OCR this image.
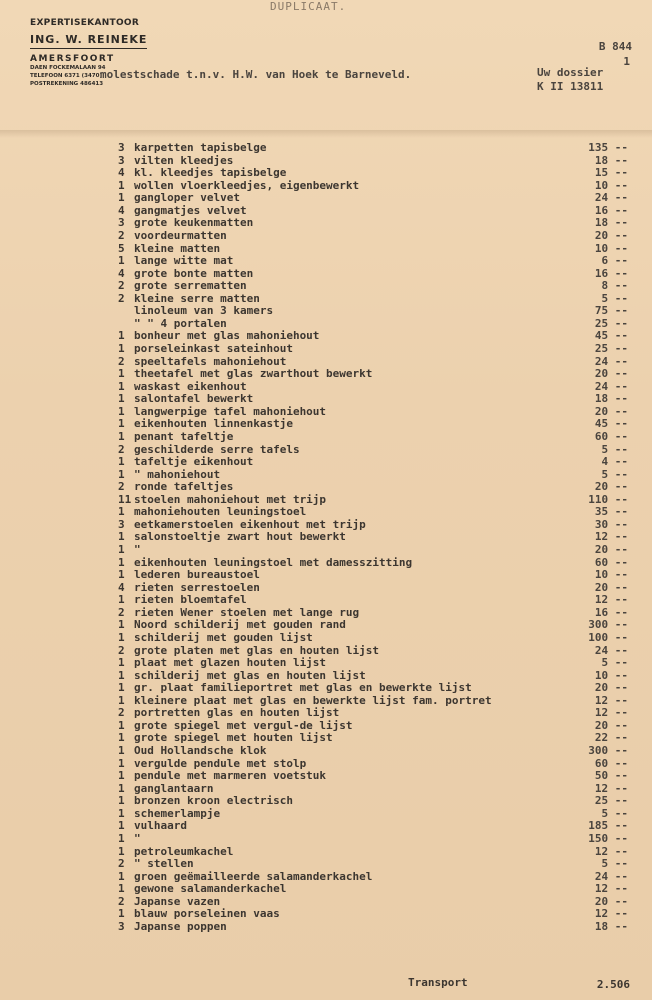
DUPLICAAT.
EXPERTISEKANTOOR
ING. W. REINEKE
AMERSFOORT
DAEN FOCKEMALAAN 94
TELEFOON 6371 (3470)
POSTREKENING 486413
molestschade t.n.v. H.W. van Hoek te Barneveld.
B 844
1
Uw dossier
K II 13811
3 karpetten tapisbelge	135 --
3 vilten kleedjes	18 --
4 kl. kleedjes tapisbelge	15 --
1 wollen vloerkleedjes, eigenbewerkt	10 --
1 gangloper velvet	24 --
4 gangmatjes velvet	16 --
3 grote keukenmatten	18 --
2 voordeurmatten	20 --
5 kleine matten	10 --
1 lange witte mat	6 --
4 grote bonte matten	16 --
2 grote serrematten	8 --
2 kleine serre matten	5 --
linoleum van 3 kamers	75 --
" " 4 portalen	25 --
1 bonheur met glas mahoniehout	45 --
1 porseleinkast sateinhout	25 --
2 speeltafels mahoniehout	24 --
1 theetafel met glas zwarthout bewerkt	20 --
1 waskast eikenhout	24 --
1 salontafel bewerkt	18 --
1 langwerpige tafel mahoniehout	20 --
1 eikenhouten linnenkastje	45 --
1 penant tafeltje	60 --
2 geschilderde serre tafels	5 --
1 tafeltje eikenhout	4 --
1 " mahoniehout	5 --
2 ronde tafeltjes	20 --
11 stoelen mahoniehout met trijp	110 --
1 mahoniehouten leuningstoel	35 --
3 eetkamerstoelen eikenhout met trijp	30 --
1 salonstoeltje zwart hout bewerkt	12 --
1 "	20 --
1 eikenhouten leuningstoel met damesszitting	60 --
1 lederen bureaustoel	10 --
4 rieten serrestoelen	20 --
1 rieten bloemtafel	12 --
2 rieten Wener stoelen met lange rug	16 --
1 Noord schilderij met gouden rand	300 --
1 schilderij met gouden lijst	100 --
2 grote platen met glas en houten lijst	24 --
1 plaat met glazen houten lijst	5 --
1 schilderij met glas en houten lijst	10 --
1 gr. plaat familieportret met glas en bewerkte lijst	20 --
1 kleinere plaat met glas en bewerkte lijst fam. portret	12 --
2 portretten glas en houten lijst	12 --
1 grote spiegel met vergul-de lijst	20 --
1 grote spiegel met houten lijst	22 --
1 Oud Hollandsche klok	300 --
1 vergulde pendule met stolp	60 --
1 pendule met marmeren voetstuk	50 --
1 ganglantaarn	12 --
1 bronzen kroon electrisch	25 --
1 schemerlampje	5 --
1 vulhaard	185 --
1 "	150 --
1 petroleumkachel	12 --
2 " stellen	5 --
1 groen geëmailleerde salamanderkachel	24 --
1 gewone salamanderkachel	12 --
2 Japanse vazen	20 --
1 blauw porseleinen vaas	12 --
3 Japanse poppen	18 --
Transport	2.506
